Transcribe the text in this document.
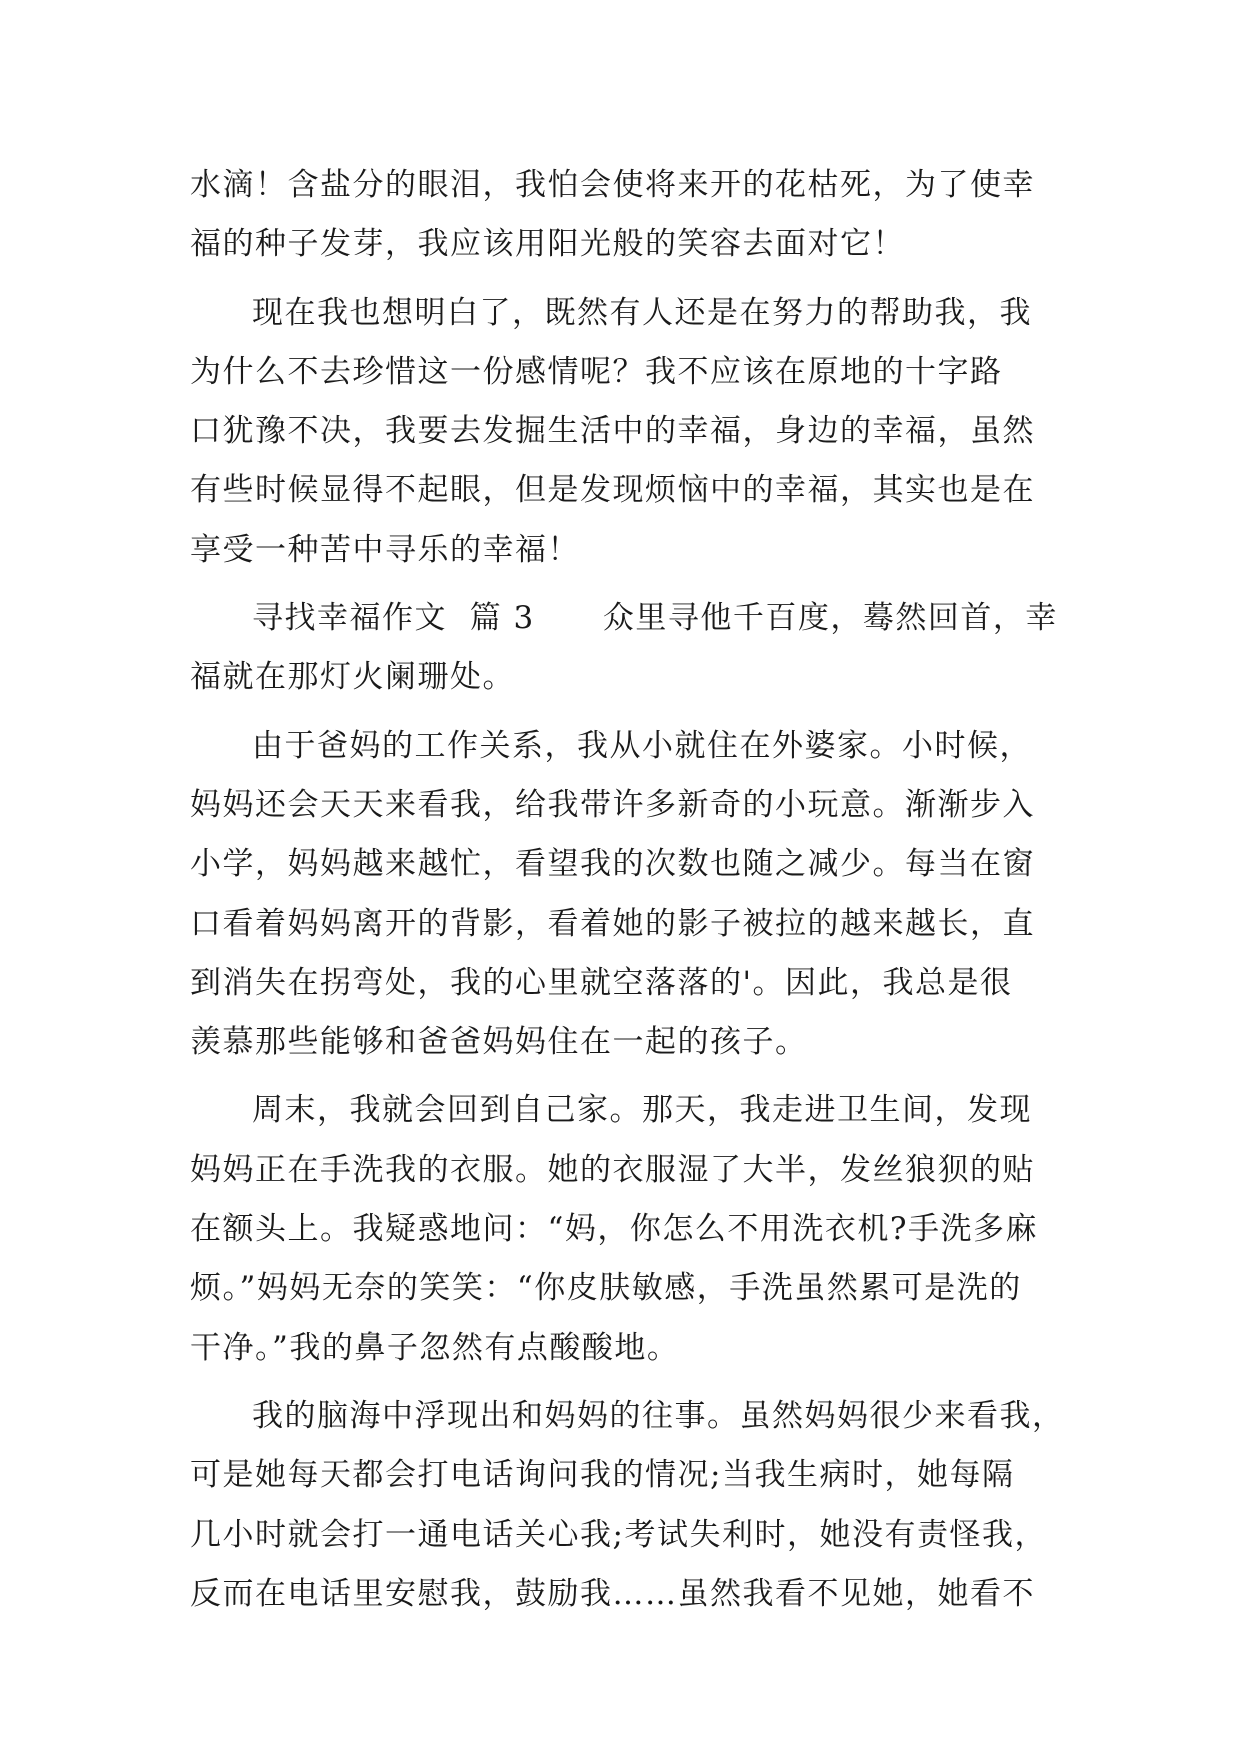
水滴！含盐分的眼泪，我怕会使将来开的花枯死，为了使幸
福的种子发芽，我应该用阳光般的笑容去面对它！
现在我也想明白了，既然有人还是在努力的帮助我，我
为什么不去珍惜这一份感情呢？我不应该在原地的十字路
口犹豫不决，我要去发掘生活中的幸福，身边的幸福，虽然
有些时候显得不起眼，但是发现烦恼中的幸福，其实也是在
享受一种苦中寻乐的幸福！
寻找幸福作文  篇 3      众里寻他千百度，蓦然回首，幸
福就在那灯火阑珊处。
由于爸妈的工作关系，我从小就住在外婆家。小时候，
妈妈还会天天来看我，给我带许多新奇的小玩意。渐渐步入
小学，妈妈越来越忙，看望我的次数也随之减少。每当在窗
口看着妈妈离开的背影，看着她的影子被拉的越来越长，直
到消失在拐弯处，我的心里就空落落的'。因此，我总是很
羡慕那些能够和爸爸妈妈住在一起的孩子。
周末，我就会回到自己家。那天，我走进卫生间，发现
妈妈正在手洗我的衣服。她的衣服湿了大半，发丝狼狈的贴
在额头上。我疑惑地问：“妈，你怎么不用洗衣机?手洗多麻
烦。”妈妈无奈的笑笑：“你皮肤敏感，手洗虽然累可是洗的
干净。”我的鼻子忽然有点酸酸地。
我的脑海中浮现出和妈妈的往事。虽然妈妈很少来看我，
可是她每天都会打电话询问我的情况;当我生病时，她每隔
几小时就会打一通电话关心我;考试失利时，她没有责怪我，
反而在电话里安慰我，鼓励我……虽然我看不见她，她看不
